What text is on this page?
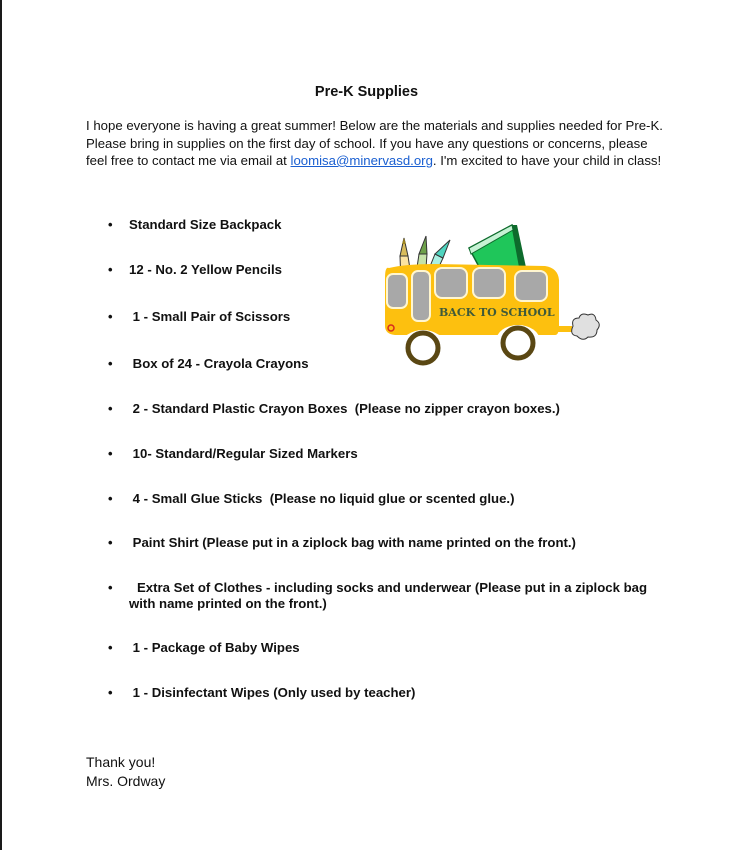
Pre-K Supplies
I hope everyone is having a great summer! Below are the materials and supplies needed for Pre-K. Please bring in supplies on the first day of school. If you have any questions or concerns, please feel free to contact me via email at loomisa@minervasd.org. I'm excited to have your child in class!
•	Standard Size Backpack
•	12 - No. 2 Yellow Pencils
•	1 - Small Pair of Scissors
•	Box of 24 - Crayola Crayons
•	2 - Standard Plastic Crayon Boxes  (Please no zipper crayon boxes.)
•	10- Standard/Regular Sized Markers
•	4 - Small Glue Sticks  (Please no liquid glue or scented glue.)
•	Paint Shirt (Please put in a ziplock bag with name printed on the front.)
•	Extra Set of Clothes - including socks and underwear (Please put in a ziplock bag with name printed on the front.)
•	1 - Package of Baby Wipes
•	1 - Disinfectant Wipes (Only used by teacher)
Thank you!
Mrs. Ordway
BACK TO SCHOOL
